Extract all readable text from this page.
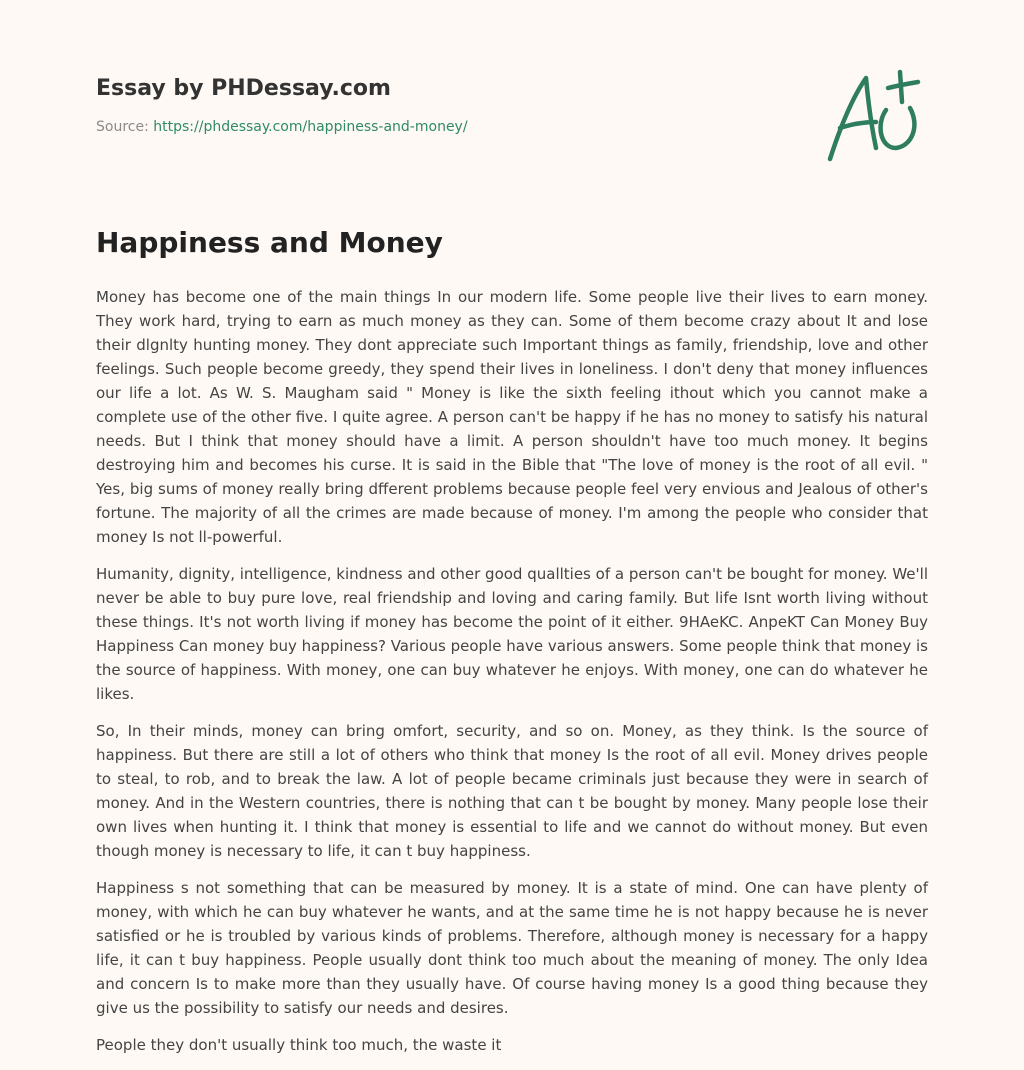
Essay by PHDessay.com
Source: https://phdessay.com/happiness-and-money/
Happiness and Money

Money has become one of the main things In our modern life. Some people live their lives to earn money. They work hard, trying to earn as much money as they can. Some of them become crazy about It and lose their dlgnlty hunting money. They dont appreciate such Important things as family, friendship, love and other feelings. Such people become greedy, they spend their lives in loneliness. I don't deny that money influences our life a lot. As W. S. Maugham said " Money is like the sixth feeling ithout which you cannot make a complete use of the other five. I quite agree. A person can't be happy if he has no money to satisfy his natural needs. But I think that money should have a limit. A person shouldn't have too much money. It begins destroying him and becomes his curse. It is said in the Bible that "The love of money is the root of all evil. " Yes, big sums of money really bring dfferent problems because people feel very envious and Jealous of other's fortune. The majority of all the crimes are made because of money. I'm among the people who consider that money Is not ll-powerful.

Humanity, dignity, intelligence, kindness and other good quallties of a person can't be bought for money. We'll never be able to buy pure love, real friendship and loving and caring family. But life Isnt worth living without these things. It's not worth living if money has become the point of it either. 9HAeKC. AnpeKT Can Money Buy Happiness Can money buy happiness? Various people have various answers. Some people think that money is the source of happiness. With money, one can buy whatever he enjoys. With money, one can do whatever he likes.

So, In their minds, money can bring omfort, security, and so on. Money, as they think. Is the source of happiness. But there are still a lot of others who think that money Is the root of all evil. Money drives people to steal, to rob, and to break the law. A lot of people became criminals just because they were in search of money. And in the Western countries, there is nothing that can t be bought by money. Many people lose their own lives when hunting it. I think that money is essential to life and we cannot do without money. But even though money is necessary to life, it can t buy happiness.

Happiness s not something that can be measured by money. It is a state of mind. One can have plenty of money, with which he can buy whatever he wants, and at the same time he is not happy because he is never satisfied or he is troubled by various kinds of problems. Therefore, although money is necessary for a happy life, it can t buy happiness. People usually dont think too much about the meaning of money. The only Idea and concern Is to make more than they usually have. Of course having money Is a good thing because they give us the possibility to satisfy our needs and desires.

People they don't usually think too much, the waste it
